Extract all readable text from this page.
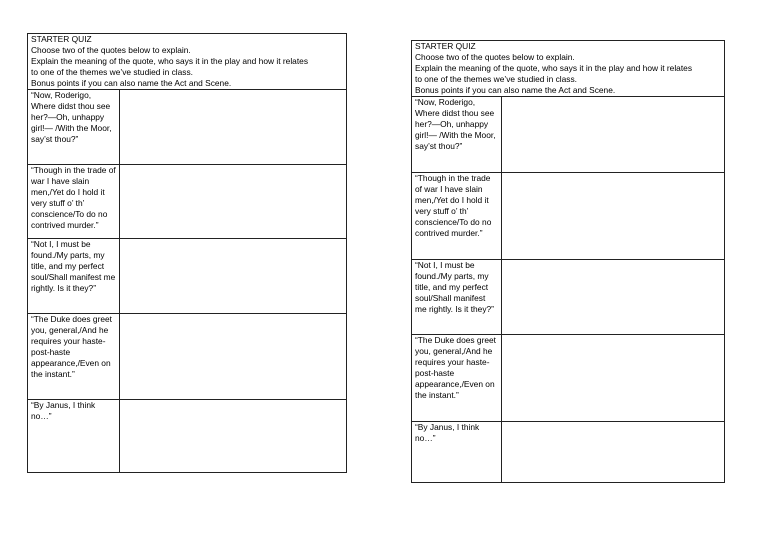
STARTER QUIZ
Choose two of the quotes below to explain.
Explain the meaning of the quote, who says it in the play and how it relates
to one of the themes we’ve studied in class.
Bonus points if you can also name the Act and Scene.	

“Now, Roderigo, Where didst thou see her?—Oh, unhappy girl!— /With the Moor, say’st thou?”	
“Though in the trade of war I have slain men,/Yet do I hold it very stuff o’ th’ conscience/To do no contrived murder.”	
“Not I, I must be found./My parts, my title, and my perfect soul/Shall manifest me rightly. Is it they?”	
“The Duke does greet you, general,/And he requires your haste-post-haste appearance,/Even on the instant.”	
“By Janus, I think no…”	
STARTER QUIZ
Choose two of the quotes below to explain.
Explain the meaning of the quote, who says it in the play and how it relates
to one of the themes we’ve studied in class.
Bonus points if you can also name the Act and Scene.	

“Now, Roderigo, Where didst thou see her?—Oh, unhappy girl!— /With the Moor, say’st thou?”	
“Though in the trade of war I have slain men,/Yet do I hold it very stuff o’ th’ conscience/To do no contrived murder.”	
“Not I, I must be found./My parts, my title, and my perfect soul/Shall manifest me rightly. Is it they?”	
“The Duke does greet you, general,/And he requires your haste-post-haste appearance,/Even on the instant.”	
“By Janus, I think no…”	
